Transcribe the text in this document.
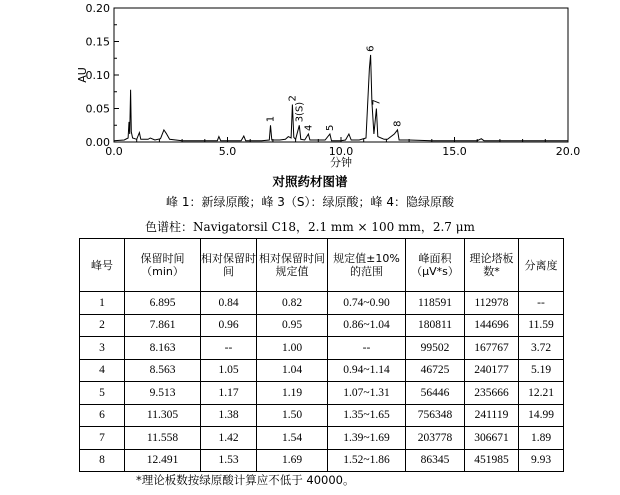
0.00
0.05
0.10
0.15
0.20
0.0	5.0	10.0	15.0	20.0
1
2
3(S)
4 5
6
7
8
AU
分钟
对照药材图谱
峰 1：新绿原酸；峰 3（S）：绿原酸；峰 4：隐绿原酸
色谱柱：Navigatorsil C18，2.1 mm × 100 mm，2.7 μm
峰号	保留时间（min）	相对保留时间	相对保留时间规定值	规定值±10%的范围	峰面积（μV*s）	理论塔板数*	分离度
1	6.895	0.84	0.82	0.74~0.90	118591	112978	--
2	7.861	0.96	0.95	0.86~1.04	180811	144696	11.59
3	8.163	--	1.00	--	99502	167767	3.72
4	8.563	1.05	1.04	0.94~1.14	46725	240177	5.19
5	9.513	1.17	1.19	1.07~1.31	56446	235666	12.21
6	11.305	1.38	1.50	1.35~1.65	756348	241119	14.99
7	11.558	1.42	1.54	1.39~1.69	203778	306671	1.89
8	12.491	1.53	1.69	1.52~1.86	86345	451985	9.93
*理论板数按绿原酸计算应不低于 40000。
